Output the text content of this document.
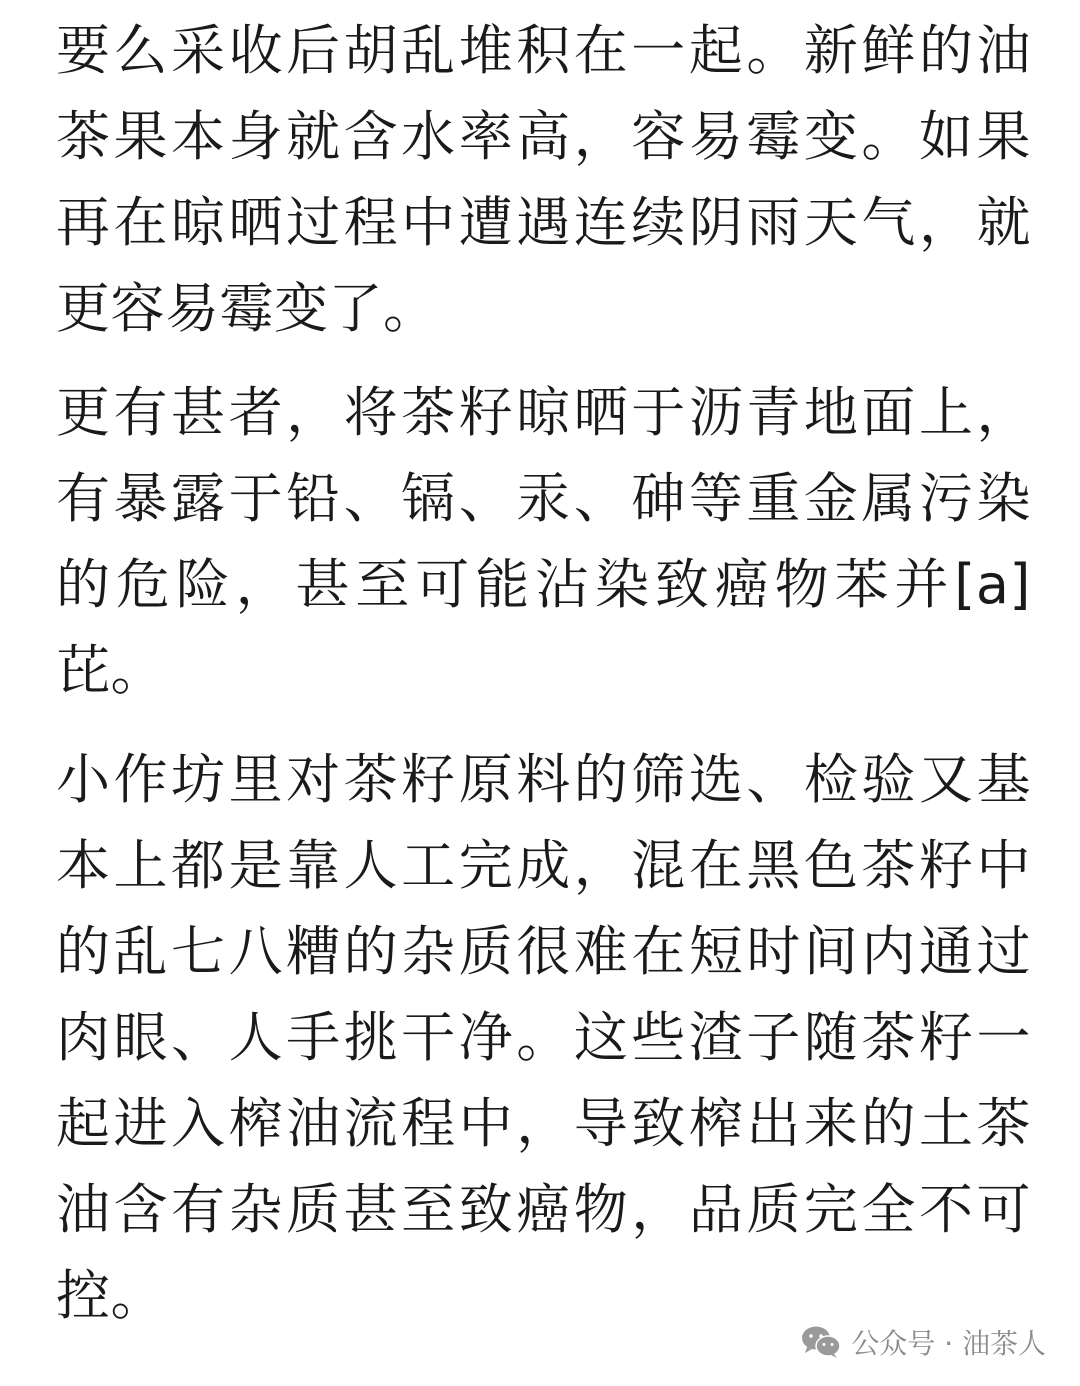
要么采收后胡乱堆积在一起。新鲜的油
茶果本身就含水率高，容易霉变。如果
再在晾晒过程中遭遇连续阴雨天气，就
更容易霉变了。
更有甚者，将茶籽晾晒于沥青地面上，
有暴露于铅、镉、汞、砷等重金属污染
的危险，甚至可能沾染致癌物苯并[a]
芘。
小作坊里对茶籽原料的筛选、检验又基
本上都是靠人工完成，混在黑色茶籽中
的乱七八糟的杂质很难在短时间内通过
肉眼、人手挑干净。这些渣子随茶籽一
起进入榨油流程中，导致榨出来的土茶
油含有杂质甚至致癌物，品质完全不可
控。
公众号 · 油茶人
